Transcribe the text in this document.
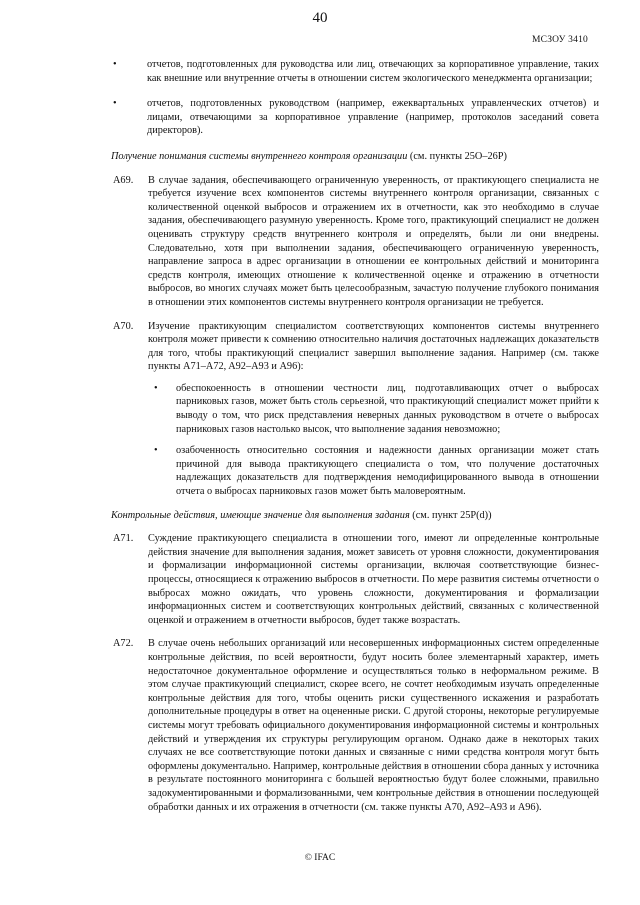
40
МСЗОУ 3410
•	отчетов, подготовленных для руководства или лиц, отвечающих за корпоративное управление, таких как внешние или внутренние отчеты в отношении систем экологического менеджмента организации;
•	отчетов, подготовленных руководством (например, ежеквартальных управленческих отчетов) и лицами, отвечающими за корпоративное управление (например, протоколов заседаний совета директоров).
Получение понимания системы внутреннего контроля организации (см. пункты 25O–26P)
A69. В случае задания, обеспечивающего ограниченную уверенность, от практикующего специалиста не требуется изучение всех компонентов системы внутреннего контроля организации, связанных с количественной оценкой выбросов и отражением их в отчетности, как это необходимо в случае задания, обеспечивающего разумную уверенность. Кроме того, практикующий специалист не должен оценивать структуру средств внутреннего контроля и определять, были ли они внедрены. Следовательно, хотя при выполнении задания, обеспечивающего ограниченную уверенность, направление запроса в адрес организации в отношении ее контрольных действий и мониторинга средств контроля, имеющих отношение к количественной оценке и отражению в отчетности выбросов, во многих случаях может быть целесообразным, зачастую получение глубокого понимания в отношении этих компонентов системы внутреннего контроля организации не требуется.
A70. Изучение практикующим специалистом соответствующих компонентов системы внутреннего контроля может привести к сомнению относительно наличия достаточных надлежащих доказательств для того, чтобы практикующий специалист завершил выполнение задания. Например (см. также пункты A71–A72, A92–A93 и A96):
• обеспокоенность в отношении честности лиц, подготавливающих отчет о выбросах парниковых газов, может быть столь серьезной, что практикующий специалист может прийти к выводу о том, что риск представления неверных данных руководством в отчете о выбросах парниковых газов настолько высок, что выполнение задания невозможно;
• озабоченность относительно состояния и надежности данных организации может стать причиной для вывода практикующего специалиста о том, что получение достаточных надлежащих доказательств для подтверждения немодифицированного вывода в отношении отчета о выбросах парниковых газов может быть маловероятным.
Контрольные действия, имеющие значение для выполнения задания (см. пункт 25P(d))
A71. Суждение практикующего специалиста в отношении того, имеют ли определенные контрольные действия значение для выполнения задания, может зависеть от уровня сложности, документирования и формализации информационной системы организации, включая соответствующие бизнес-процессы, относящиеся к отражению выбросов в отчетности. По мере развития системы отчетности о выбросах можно ожидать, что уровень сложности, документирования и формализации информационных систем и соответствующих контрольных действий, связанных с количественной оценкой и отражением в отчетности выбросов, будет также возрастать.
A72. В случае очень небольших организаций или несовершенных информационных систем определенные контрольные действия, по всей вероятности, будут носить более элементарный характер, иметь недостаточное документальное оформление и осуществляться только в неформальном режиме. В этом случае практикующий специалист, скорее всего, не сочтет необходимым изучать определенные контрольные действия для того, чтобы оценить риски существенного искажения и разработать дополнительные процедуры в ответ на оцененные риски. С другой стороны, некоторые регулируемые системы могут требовать официального документирования информационной системы и контрольных действий и утверждения их структуры регулирующим органом. Однако даже в некоторых таких случаях не все соответствующие потоки данных и связанные с ними средства контроля могут быть оформлены документально. Например, контрольные действия в отношении сбора данных у источника в результате постоянного мониторинга с большей вероятностью будут более сложными, правильно задокументированными и формализованными, чем контрольные действия в отношении последующей обработки данных и их отражения в отчетности (см. также пункты A70, A92–A93 и A96).
© IFAC
